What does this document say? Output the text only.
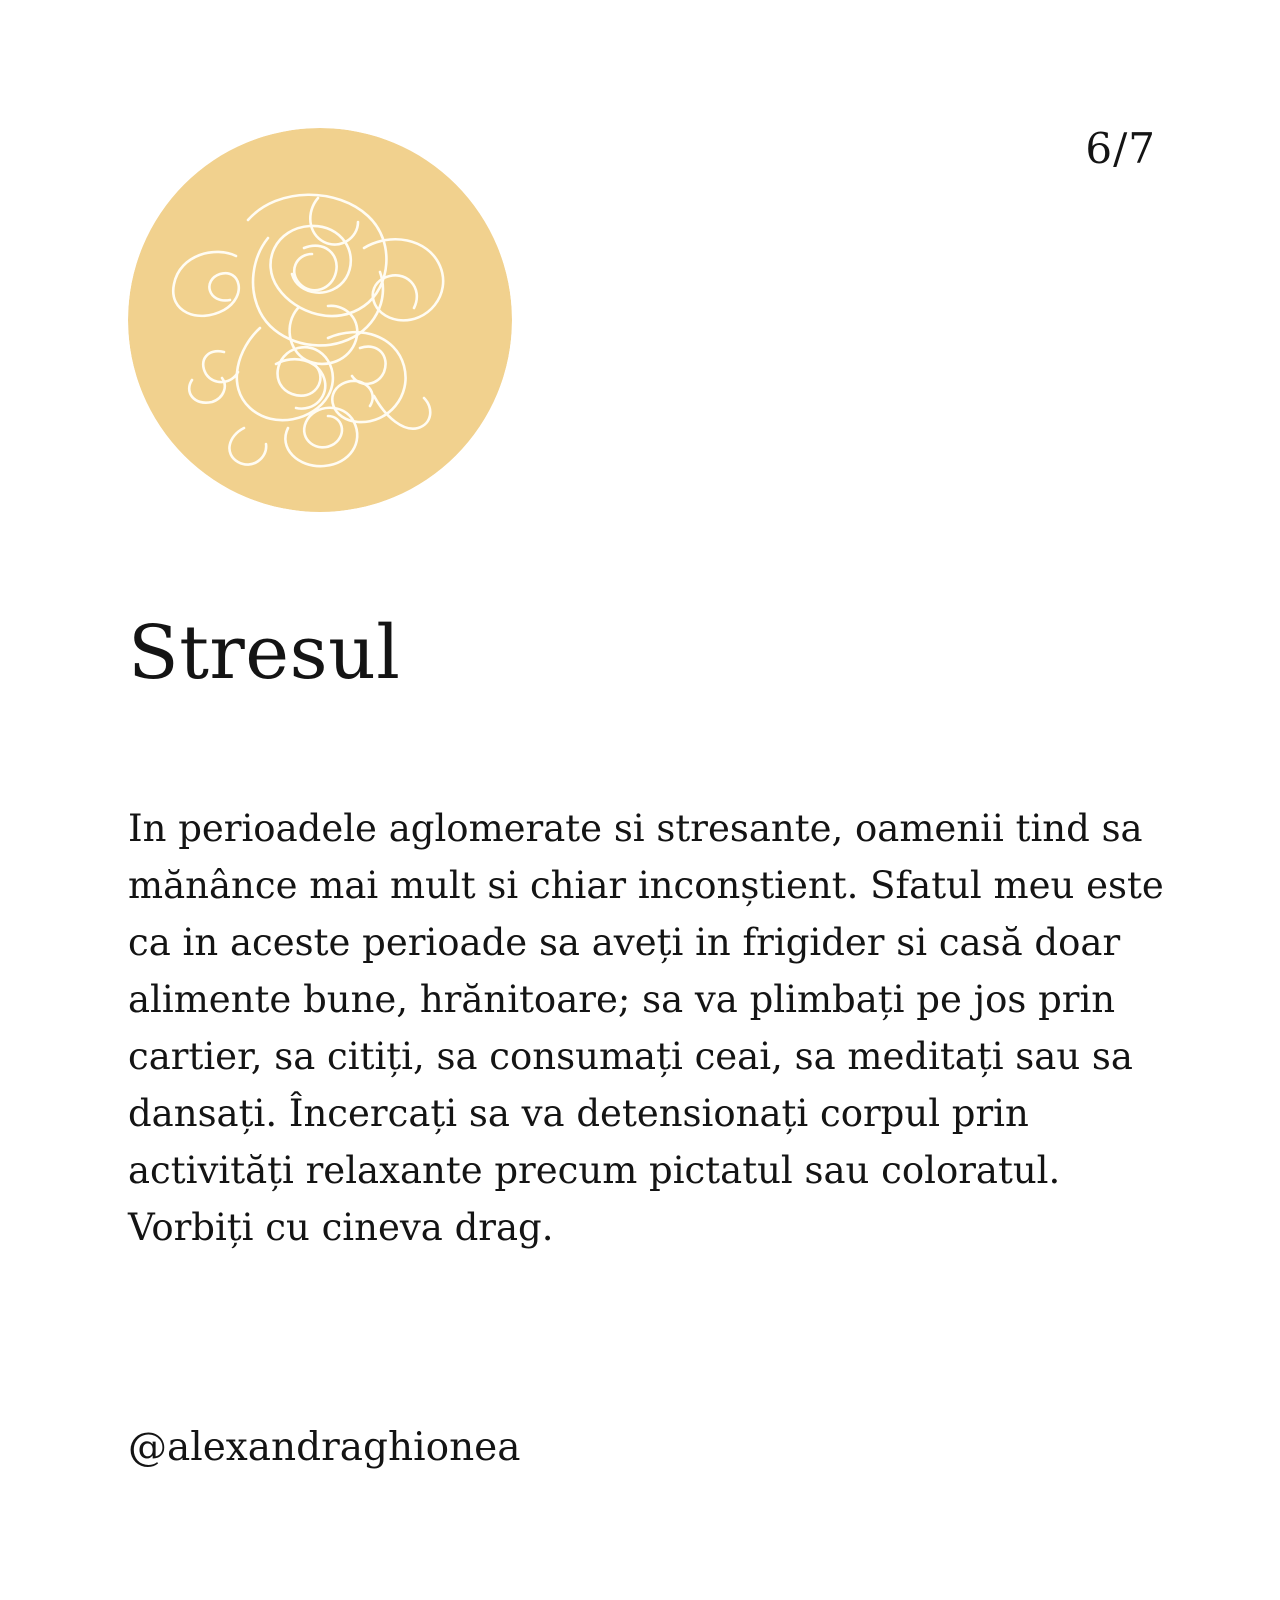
6/7
Stresul

In perioadele aglomerate si stresante, oamenii tind sa mănânce mai mult si chiar inconștient. Sfatul meu este ca in aceste perioade sa aveți in frigider si casă doar alimente bune, hrănitoare; sa va plimbați pe jos prin cartier, sa citiți, sa consumați ceai, sa meditați sau sa dansați. Încercați sa va detensionați corpul prin activități relaxante precum pictatul sau coloratul. Vorbiți cu cineva drag.

@alexandraghionea
